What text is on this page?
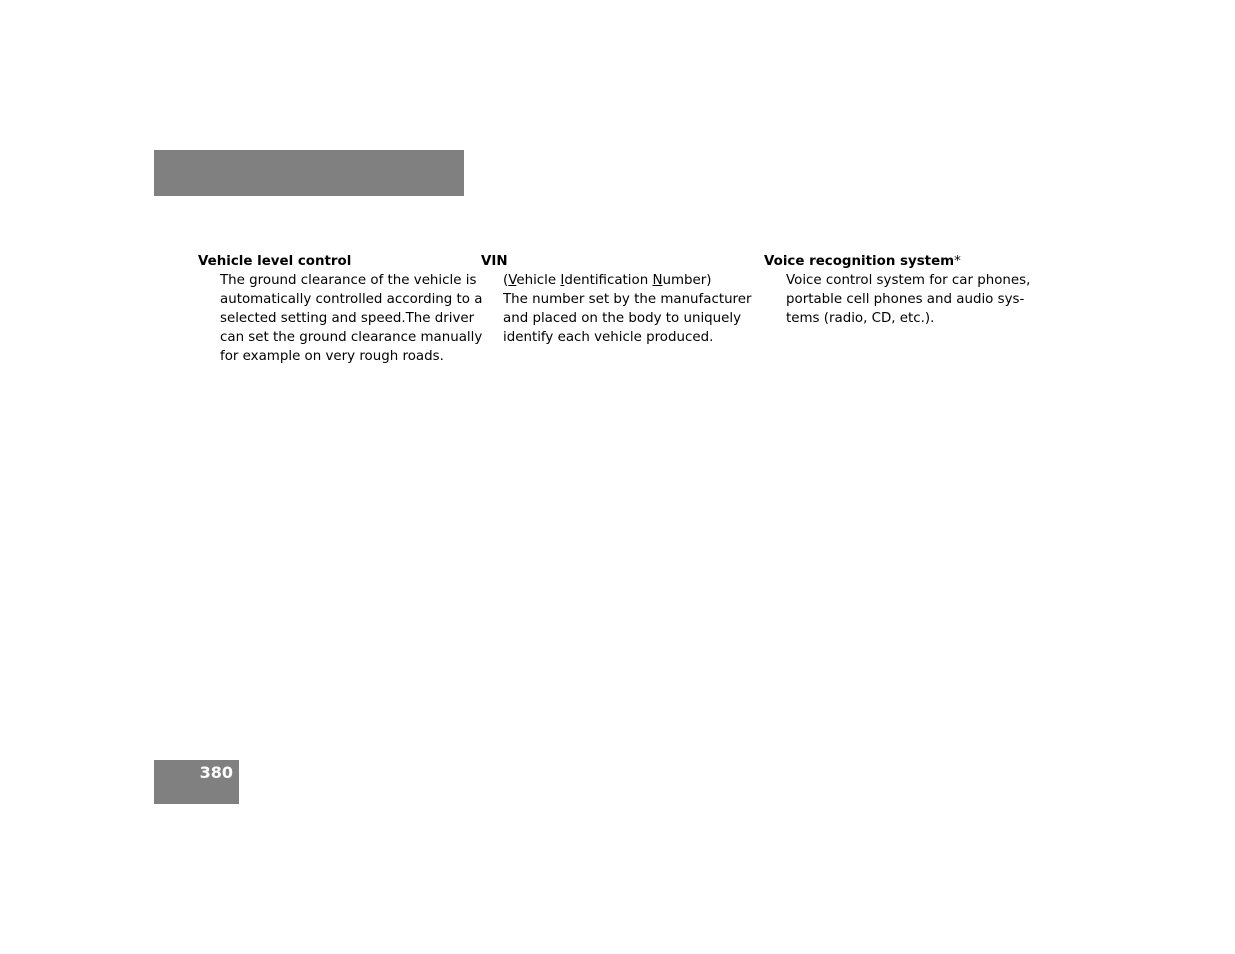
Vehicle level control
The ground clearance of the vehicle is
automatically controlled according to a
selected setting and speed.The driver
can set the ground clearance manually
for example on very rough roads.
VIN
(Vehicle Identification Number)
The number set by the manufacturer
and placed on the body to uniquely
identify each vehicle produced.
Voice recognition system*
Voice control system for car phones,
portable cell phones and audio sys-
tems (radio, CD, etc.).
380
